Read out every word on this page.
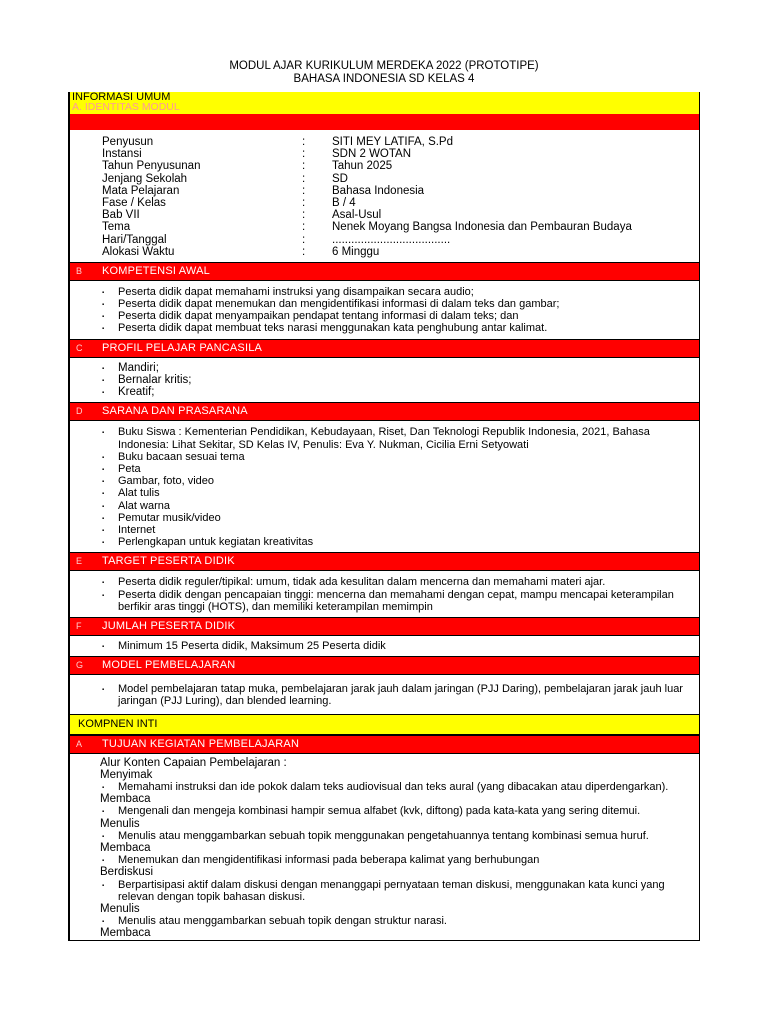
MODUL AJAR KURIKULUM MERDEKA 2022 (PROTOTIPE)
BAHASA INDONESIA SD KELAS 4
INFORMASI UMUM
A. IDENTITAS MODUL
Penyusun	:	SITI MEY LATIFA, S.Pd
Instansi	:	SDN 2 WOTAN
Tahun Penyusunan	:	Tahun 2025
Jenjang Sekolah	:	SD
Mata Pelajaran	:	Bahasa Indonesia
Fase / Kelas	:	B / 4
Bab VII	:	Asal-Usul
Tema	:	Nenek Moyang Bangsa Indonesia dan Pembauran Budaya
Hari/Tanggal	:	.....................................
Alokasi Waktu	:	6 Minggu
B KOMPETENSI AWAL
▪ Peserta didik dapat memahami instruksi yang disampaikan secara audio;
▪ Peserta didik dapat menemukan dan mengidentifikasi informasi di dalam teks dan gambar;
▪ Peserta didik dapat menyampaikan pendapat tentang informasi di dalam teks; dan
▪ Peserta didik dapat membuat teks narasi menggunakan kata penghubung antar kalimat.
C PROFIL PELAJAR PANCASILA
▪ Mandiri;
▪ Bernalar kritis;
▪ Kreatif;
D SARANA DAN PRASARANA
▪ Buku Siswa : Kementerian Pendidikan, Kebudayaan, Riset, Dan Teknologi Republik Indonesia, 2021, Bahasa Indonesia: Lihat Sekitar, SD Kelas IV, Penulis: Eva Y. Nukman, Cicilia Erni Setyowati
▪ Buku bacaan sesuai tema
▪ Peta
▪ Gambar, foto, video
▪ Alat tulis
▪ Alat warna
▪ Pemutar musik/video
▪ Internet
▪ Perlengkapan untuk kegiatan kreativitas
E TARGET PESERTA DIDIK
▪ Peserta didik reguler/tipikal: umum, tidak ada kesulitan dalam mencerna dan memahami materi ajar.
▪ Peserta didik dengan pencapaian tinggi: mencerna dan memahami dengan cepat, mampu mencapai keterampilan berfikir aras tinggi (HOTS), dan memiliki keterampilan memimpin
F JUMLAH PESERTA DIDIK
▪ Minimum 15 Peserta didik, Maksimum 25 Peserta didik
G MODEL PEMBELAJARAN
▪ Model pembelajaran tatap muka, pembelajaran jarak jauh dalam jaringan (PJJ Daring), pembelajaran jarak jauh luar jaringan (PJJ Luring), dan blended learning.
KOMPNEN INTI
A TUJUAN KEGIATAN PEMBELAJARAN
Alur Konten Capaian Pembelajaran :
Menyimak
▪ Memahami instruksi dan ide pokok dalam teks audiovisual dan teks aural (yang dibacakan atau diperdengarkan).
Membaca
▪ Mengenali dan mengeja kombinasi hampir semua alfabet (kvk, diftong) pada kata-kata yang sering ditemui.
Menulis
▪ Menulis atau menggambarkan sebuah topik menggunakan pengetahuannya tentang kombinasi semua huruf.
Membaca
▪ Menemukan dan mengidentifikasi informasi pada beberapa kalimat yang berhubungan
Berdiskusi
▪ Berpartisipasi aktif dalam diskusi dengan menanggapi pernyataan teman diskusi, menggunakan kata kunci yang relevan dengan topik bahasan diskusi.
Menulis
▪ Menulis atau menggambarkan sebuah topik dengan struktur narasi.
Membaca
